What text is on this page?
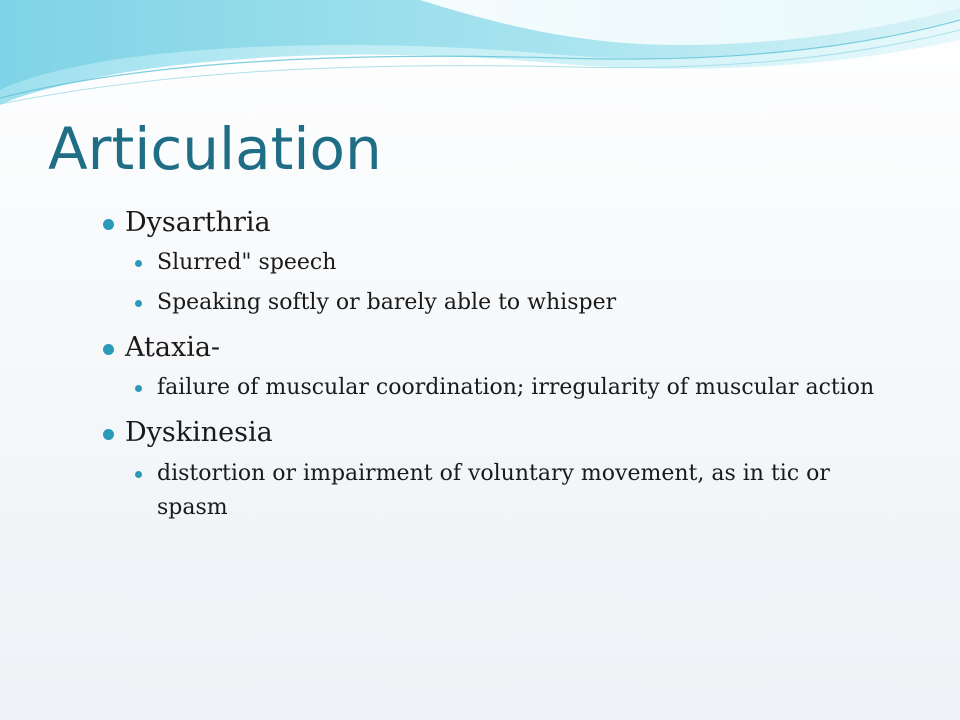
Articulation
Dysarthria
Slurred" speech
Speaking softly or barely able to whisper
Ataxia-
failure of muscular coordination; irregularity of muscular action
Dyskinesia
distortion or impairment of voluntary movement, as in tic or spasm
